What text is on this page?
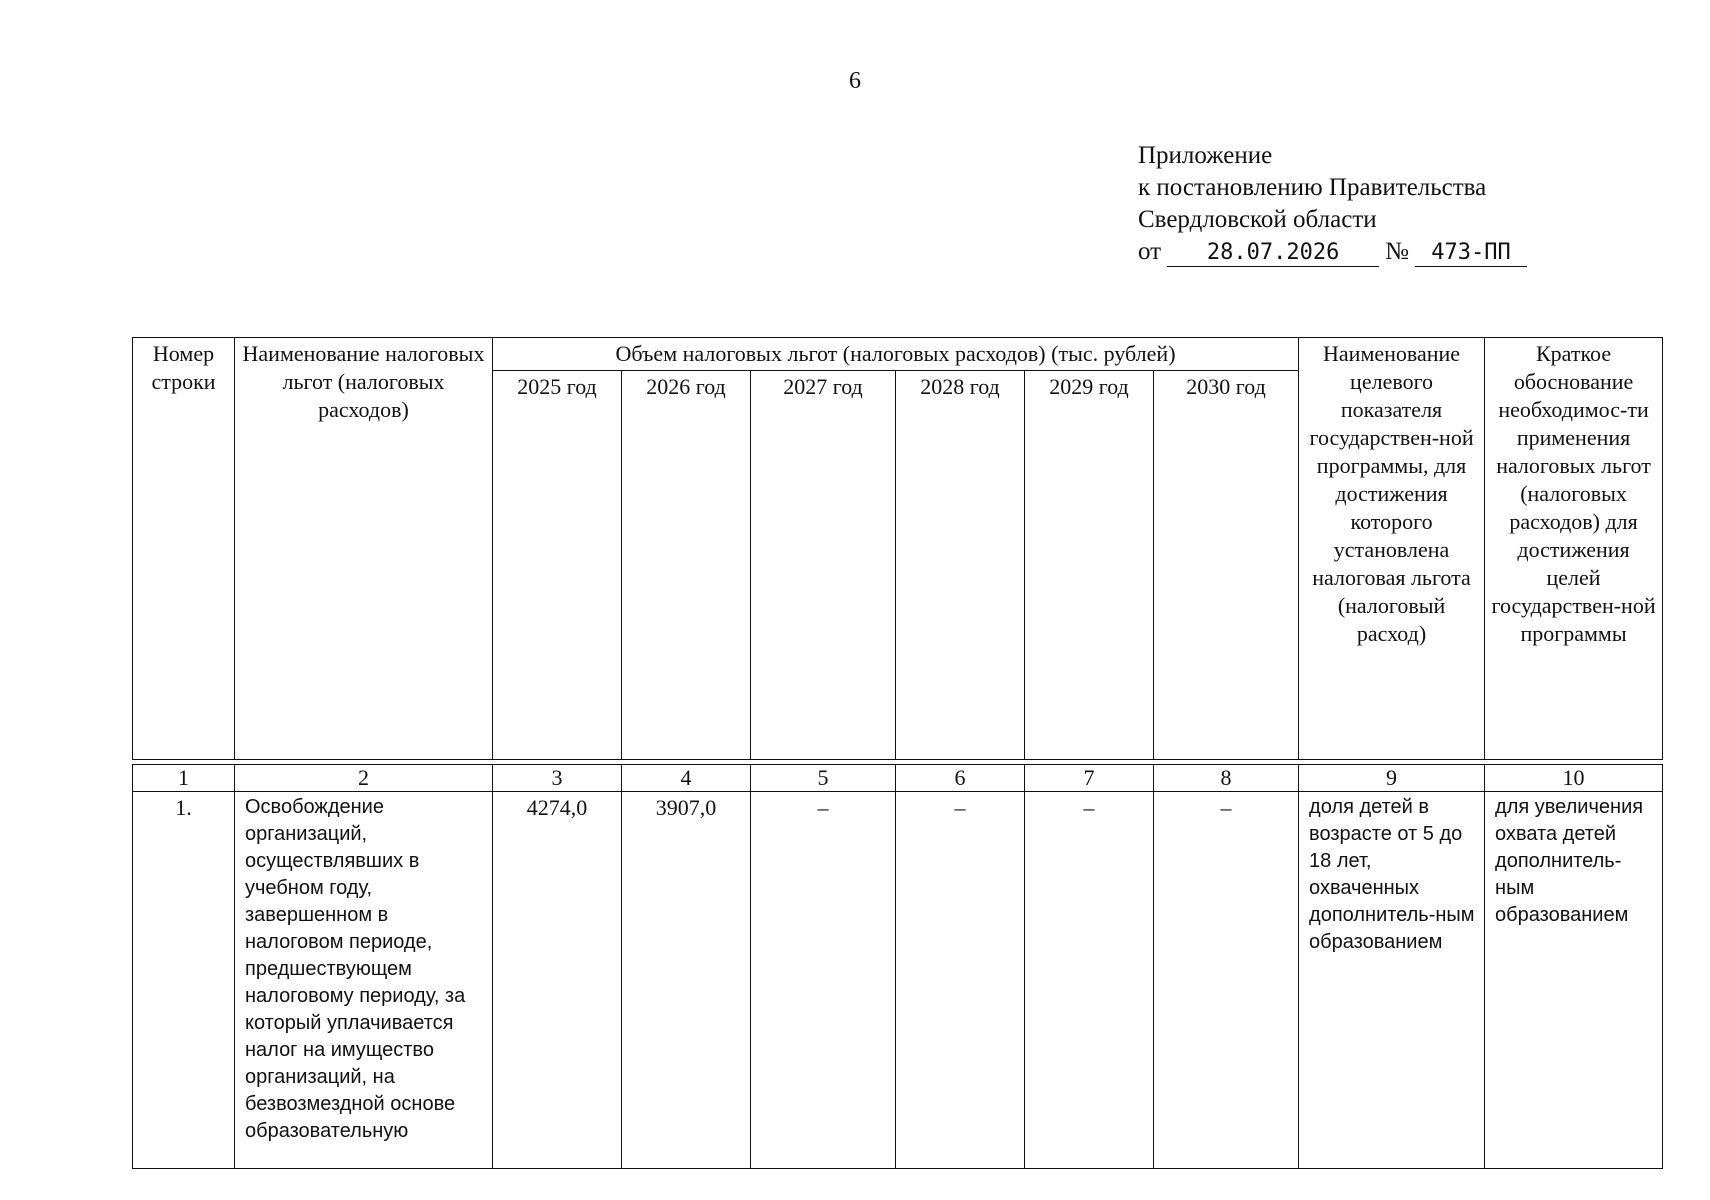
6
Приложение
к постановлению Правительства
Свердловской области
от 28.07.2026 № 473-ПП
Номер строки	Наименование налоговых льгот (налоговых расходов)	Объем налоговых льгот (налоговых расходов) (тыс. рублей)						Наименование целевого показателя государствен-ной программы, для достижения которого установлена налоговая льгота (налоговый расход)	Краткое обоснование необходимос-ти применения налоговых льгот (налоговых расходов) для достижения целей государствен-ной программы
		2025 год	2026 год	2027 год	2028 год	2029 год	2030 год		

1	2	3	4	5	6	7	8	9	10
1.	Освобождение организаций, осуществлявших в учебном году, завершенном в налоговом периоде, предшествующем налоговому периоду, за который уплачивается налог на имущество организаций, на безвозмездной основе образовательную	4274,0	3907,0	–	–	–	–	доля детей в возрасте от 5 до 18 лет, охваченных дополнитель-ным образованием	для увеличения охвата детей дополнитель-ным образованием
